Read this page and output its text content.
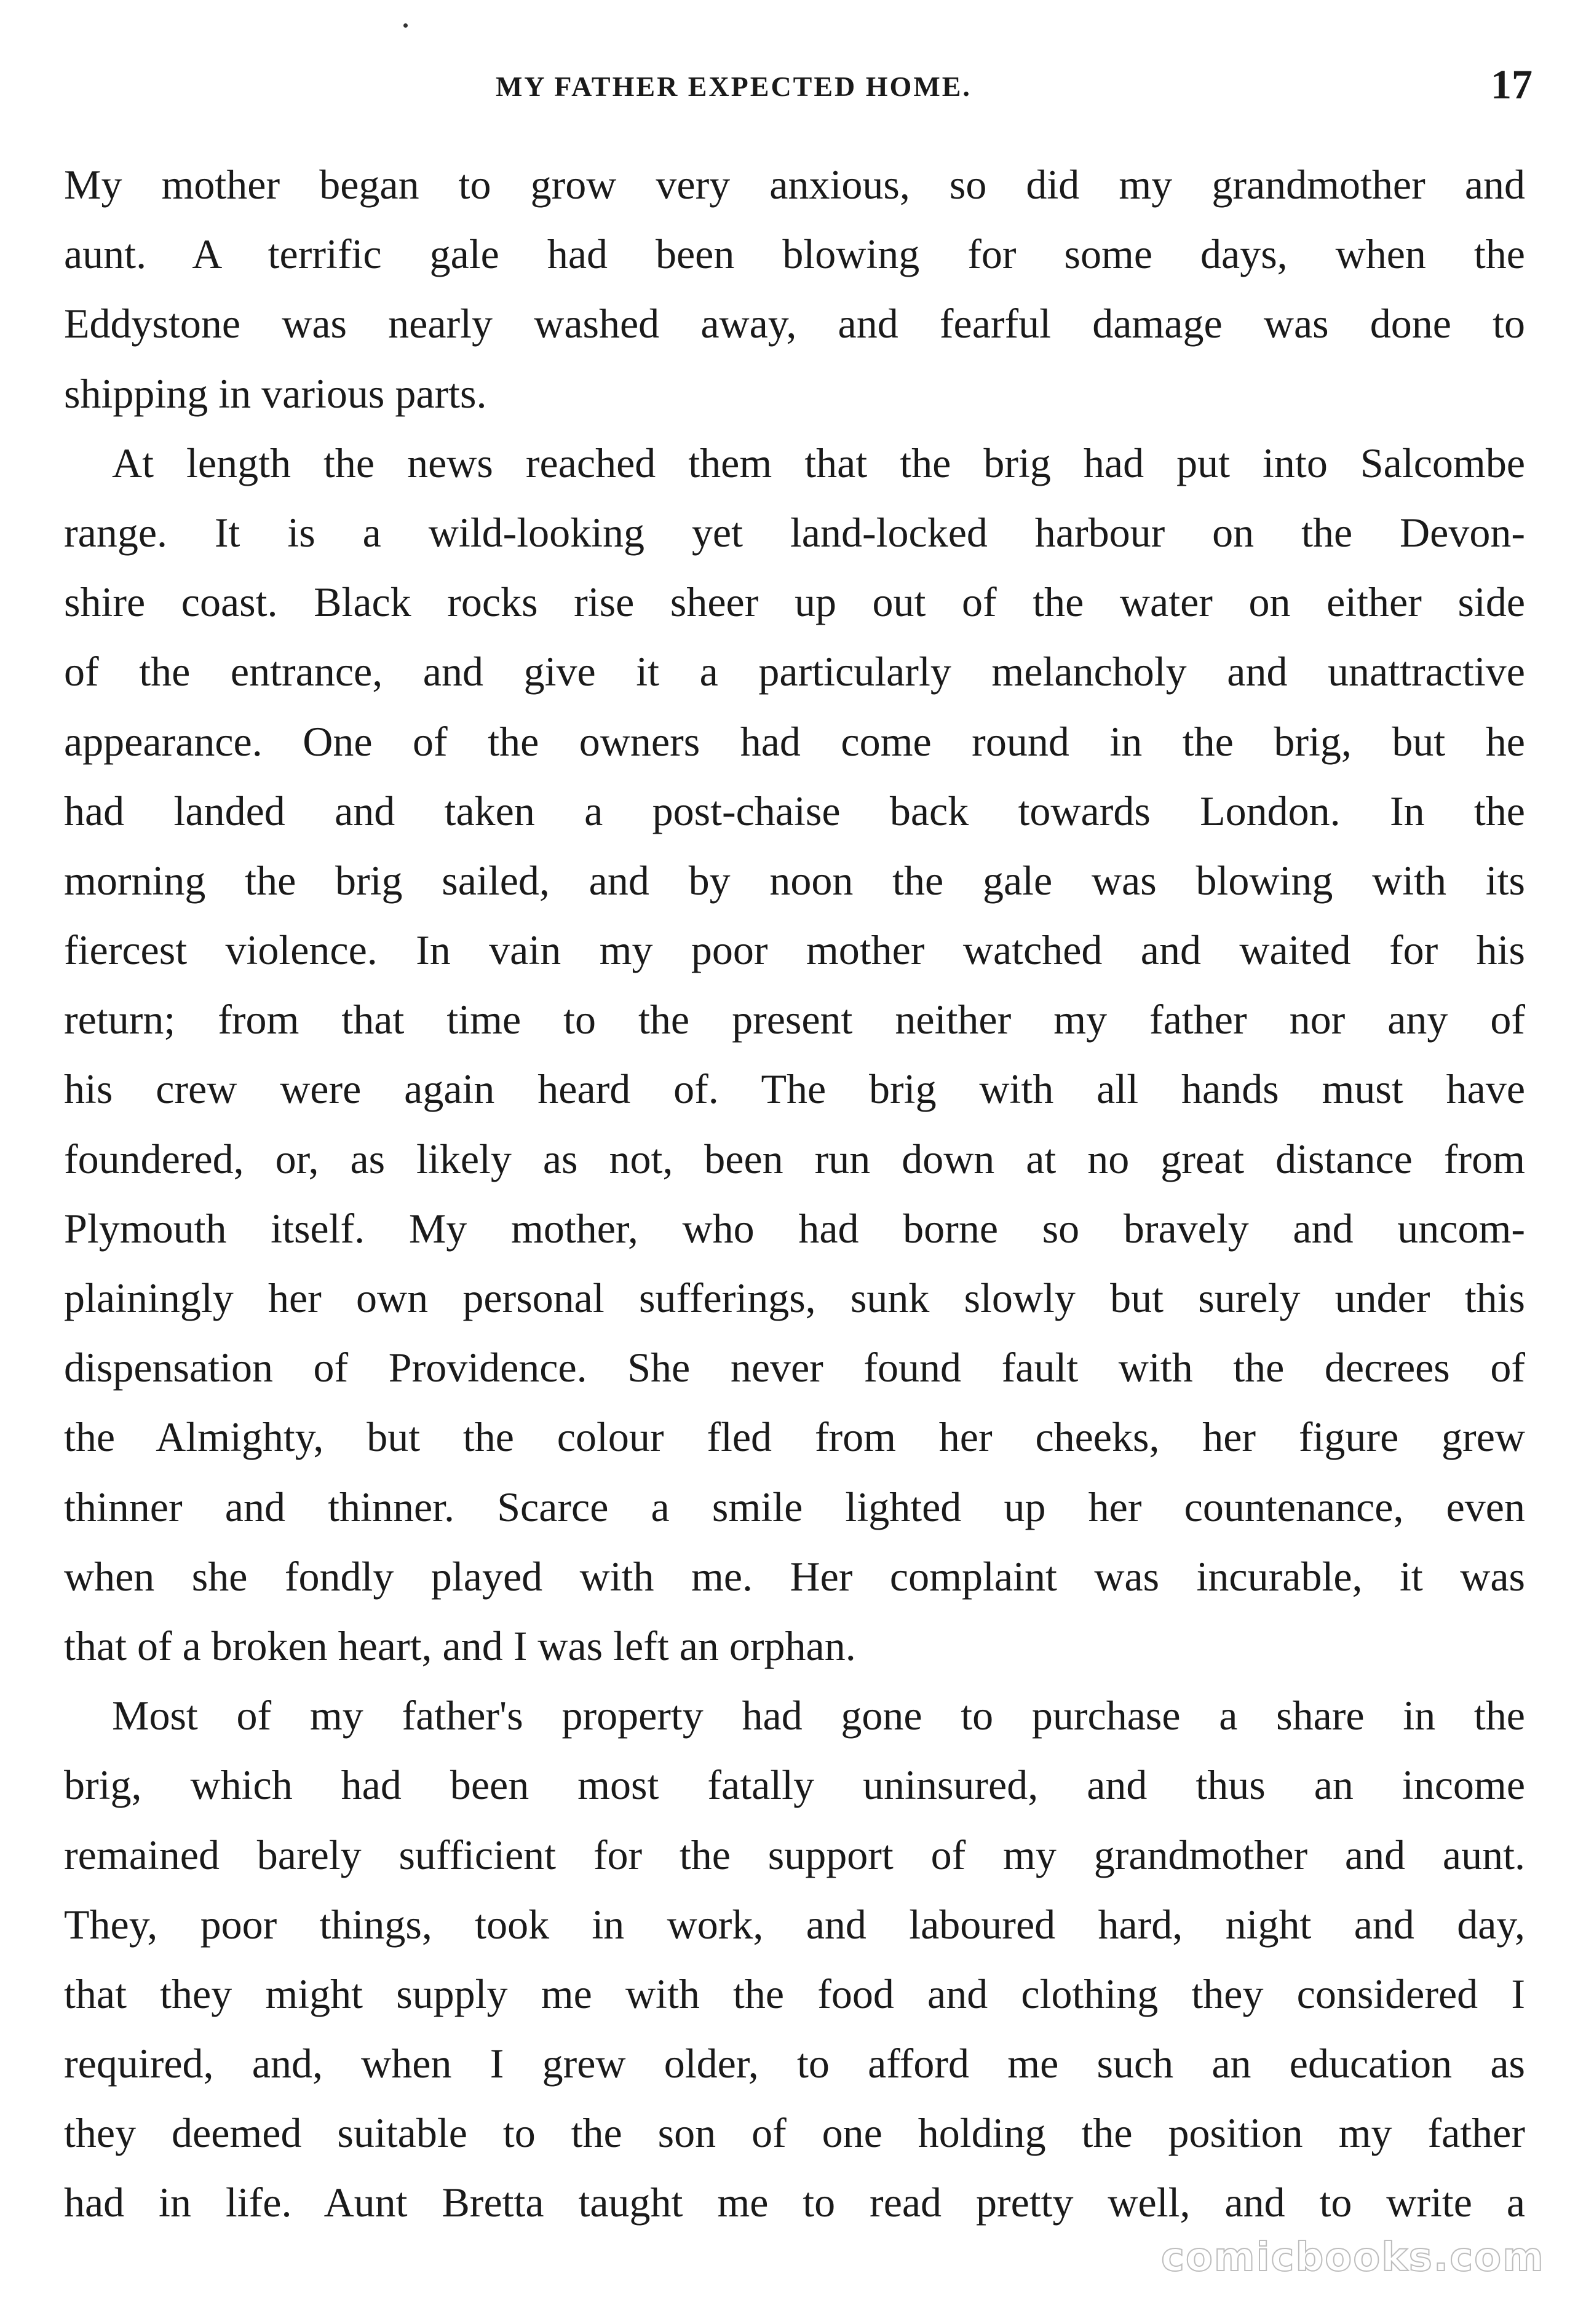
MY FATHER EXPECTED HOME.	17
My mother began to grow very anxious, so did my grandmother and
aunt. A terrific gale had been blowing for some days, when the
Eddystone was nearly washed away, and fearful damage was done to
shipping in various parts.
At length the news reached them that the brig had put into Salcombe
range. It is a wild-looking yet land-locked harbour on the Devon-
shire coast. Black rocks rise sheer up out of the water on either side
of the entrance, and give it a particularly melancholy and unattractive
appearance. One of the owners had come round in the brig, but he
had landed and taken a post-chaise back towards London. In the
morning the brig sailed, and by noon the gale was blowing with its
fiercest violence. In vain my poor mother watched and waited for his
return; from that time to the present neither my father nor any of
his crew were again heard of. The brig with all hands must have
foundered, or, as likely as not, been run down at no great distance from
Plymouth itself. My mother, who had borne so bravely and uncom-
plainingly her own personal sufferings, sunk slowly but surely under this
dispensation of Providence. She never found fault with the decrees of
the Almighty, but the colour fled from her cheeks, her figure grew
thinner and thinner. Scarce a smile lighted up her countenance, even
when she fondly played with me. Her complaint was incurable, it was
that of a broken heart, and I was left an orphan.
Most of my father's property had gone to purchase a share in the
brig, which had been most fatally uninsured, and thus an income
remained barely sufficient for the support of my grandmother and aunt.
They, poor things, took in work, and laboured hard, night and day,
that they might supply me with the food and clothing they considered I
required, and, when I grew older, to afford me such an education as
they deemed suitable to the son of one holding the position my father
had in life. Aunt Bretta taught me to read pretty well, and to write a
comicbooks.com
